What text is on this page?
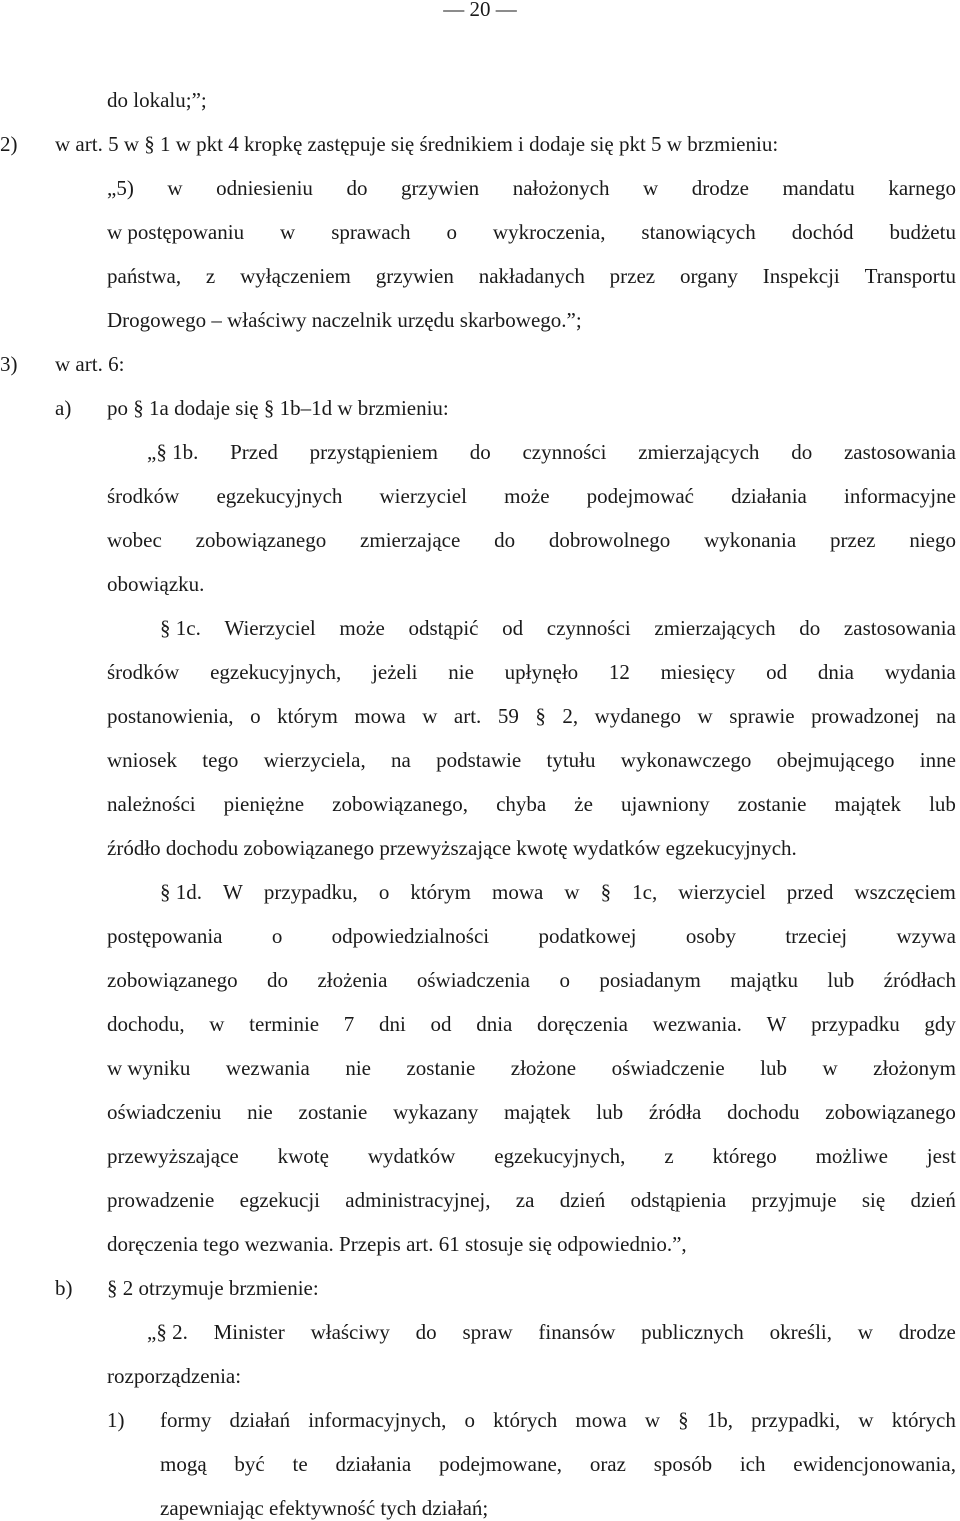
— 20 —
do lokalu;”;
2) w art. 5 w § 1 w pkt 4 kropkę zastępuje się średnikiem i dodaje się pkt 5 w brzmieniu:
„5) w odniesieniu do grzywien nałożonych w drodze mandatu karnego
w postępowaniu w sprawach o wykroczenia, stanowiących dochód budżetu
państwa, z wyłączeniem grzywien nakładanych przez organy Inspekcji Transportu
Drogowego – właściwy naczelnik urzędu skarbowego.”;
3) w art. 6:
a) po § 1a dodaje się § 1b–1d w brzmieniu:
„§ 1b. Przed przystąpieniem do czynności zmierzających do zastosowania
środków egzekucyjnych wierzyciel może podejmować działania informacyjne
wobec zobowiązanego zmierzające do dobrowolnego wykonania przez niego
obowiązku.
§ 1c. Wierzyciel może odstąpić od czynności zmierzających do zastosowania
środków egzekucyjnych, jeżeli nie upłynęło 12 miesięcy od dnia wydania
postanowienia, o którym mowa w art. 59 § 2, wydanego w sprawie prowadzonej na
wniosek tego wierzyciela, na podstawie tytułu wykonawczego obejmującego inne
należności pieniężne zobowiązanego, chyba że ujawniony zostanie majątek lub
źródło dochodu zobowiązanego przewyższające kwotę wydatków egzekucyjnych.
§ 1d. W przypadku, o którym mowa w § 1c, wierzyciel przed wszczęciem
postępowania o odpowiedzialności podatkowej osoby trzeciej wzywa
zobowiązanego do złożenia oświadczenia o posiadanym majątku lub źródłach
dochodu, w terminie 7 dni od dnia doręczenia wezwania. W przypadku gdy
w wyniku wezwania nie zostanie złożone oświadczenie lub w złożonym
oświadczeniu nie zostanie wykazany majątek lub źródła dochodu zobowiązanego
przewyższające kwotę wydatków egzekucyjnych, z którego możliwe jest
prowadzenie egzekucji administracyjnej, za dzień odstąpienia przyjmuje się dzień
doręczenia tego wezwania. Przepis art. 61 stosuje się odpowiednio.”,
b) § 2 otrzymuje brzmienie:
„§ 2. Minister właściwy do spraw finansów publicznych określi, w drodze
rozporządzenia:
1) formy działań informacyjnych, o których mowa w § 1b, przypadki, w których
mogą być te działania podejmowane, oraz sposób ich ewidencjonowania,
zapewniając efektywność tych działań;
